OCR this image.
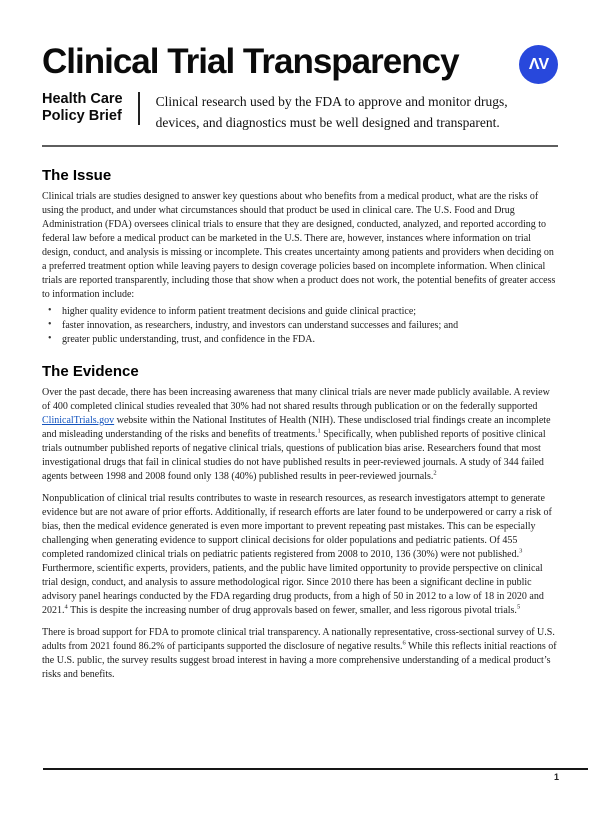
Clinical Trial Transparency	ΛV
Health Care
Policy Brief

Clinical research used by the FDA to approve and monitor drugs,
devices, and diagnostics must be well designed and transparent.

The Issue

Clinical trials are studies designed to answer key questions about who benefits from a medical product, what are the risks of using the product, and under what circumstances should that product be used in clinical care. The U.S. Food and Drug Administration (FDA) oversees clinical trials to ensure that they are designed, conducted, analyzed, and reported according to federal law before a medical product can be marketed in the U.S. There are, however, instances where information on trial design, conduct, and analysis is missing or incomplete. This creates uncertainty among patients and providers when deciding on a preferred treatment option while leaving payers to design coverage policies based on incomplete information. When clinical trials are reported transparently, including those that show when a product does not work, the potential benefits of greater access to information include:

• higher quality evidence to inform patient treatment decisions and guide clinical practice;
• faster innovation, as researchers, industry, and investors can understand successes and failures; and
• greater public understanding, trust, and confidence in the FDA.
The Evidence

Over the past decade, there has been increasing awareness that many clinical trials are never made publicly available. A review of 400 completed clinical studies revealed that 30% had not shared results through publication or on the federally supported ClinicalTrials.gov website within the National Institutes of Health (NIH). These undisclosed trial findings create an incomplete and misleading understanding of the risks and benefits of treatments.$^1$ Specifically, when published reports of positive clinical trials outnumber published reports of negative clinical trials, questions of publication bias arise. Researchers found that most investigational drugs that fail in clinical studies do not have published results in peer-reviewed journals. A study of 344 failed agents between 1998 and 2008 found only 138 (40%) published results in peer-reviewed journals.$^2$

Nonpublication of clinical trial results contributes to waste in research resources, as research investigators attempt to generate evidence but are not aware of prior efforts. Additionally, if research efforts are later found to be underpowered or carry a risk of bias, then the medical evidence generated is even more important to prevent repeating past mistakes. This can be especially challenging when generating evidence to support clinical decisions for older populations and pediatric patients. Of 455 completed randomized clinical trials on pediatric patients registered from 2008 to 2010, 136 (30%) were not published.$^3$ Furthermore, scientific experts, providers, patients, and the public have limited opportunity to provide perspective on clinical trial design, conduct, and analysis to assure methodological rigor. Since 2010 there has been a significant decline in public advisory panel hearings conducted by the FDA regarding drug products, from a high of 50 in 2012 to a low of 18 in 2020 and 2021.$^4$ This is despite the increasing number of drug approvals based on fewer, smaller, and less rigorous pivotal trials.$^5$

There is broad support for FDA to promote clinical trial transparency. A nationally representative, cross-sectional survey of U.S. adults from 2021 found 86.2% of participants supported the disclosure of negative results.$^6$ While this reflects initial reactions of the U.S. public, the survey results suggest broad interest in having a more comprehensive understanding of a medical product’s risks and benefits.

1
